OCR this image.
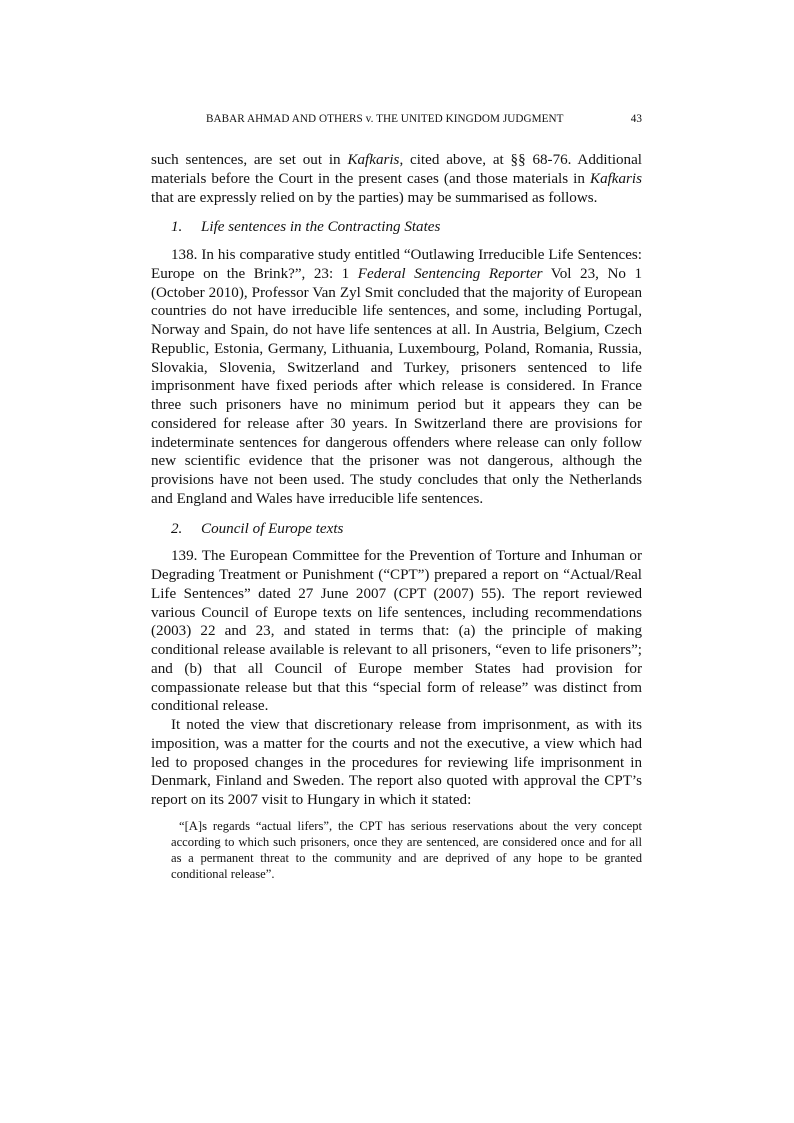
BABAR AHMAD AND OTHERS v. THE UNITED KINGDOM JUDGMENT	43

such sentences, are set out in Kafkaris, cited above, at §§ 68-76. Additional materials before the Court in the present cases (and those materials in Kafkaris that are expressly relied on by the parties) may be summarised as follows.

1. Life sentences in the Contracting States

138. In his comparative study entitled “Outlawing Irreducible Life Sentences: Europe on the Brink?”, 23: 1 Federal Sentencing Reporter Vol 23, No 1 (October 2010), Professor Van Zyl Smit concluded that the majority of European countries do not have irreducible life sentences, and some, including Portugal, Norway and Spain, do not have life sentences at all. In Austria, Belgium, Czech Republic, Estonia, Germany, Lithuania, Luxembourg, Poland, Romania, Russia, Slovakia, Slovenia, Switzerland and Turkey, prisoners sentenced to life imprisonment have fixed periods after which release is considered. In France three such prisoners have no minimum period but it appears they can be considered for release after 30 years. In Switzerland there are provisions for indeterminate sentences for dangerous offenders where release can only follow new scientific evidence that the prisoner was not dangerous, although the provisions have not been used. The study concludes that only the Netherlands and England and Wales have irreducible life sentences.

2. Council of Europe texts

139. The European Committee for the Prevention of Torture and Inhuman or Degrading Treatment or Punishment (“CPT”) prepared a report on “Actual/Real Life Sentences” dated 27 June 2007 (CPT (2007) 55). The report reviewed various Council of Europe texts on life sentences, including recommendations (2003) 22 and 23, and stated in terms that: (a) the principle of making conditional release available is relevant to all prisoners, “even to life prisoners”; and (b) that all Council of Europe member States had provision for compassionate release but that this “special form of release” was distinct from conditional release.

It noted the view that discretionary release from imprisonment, as with its imposition, was a matter for the courts and not the executive, a view which had led to proposed changes in the procedures for reviewing life imprisonment in Denmark, Finland and Sweden. The report also quoted with approval the CPT’s report on its 2007 visit to Hungary in which it stated:

“[A]s regards “actual lifers”, the CPT has serious reservations about the very concept according to which such prisoners, once they are sentenced, are considered once and for all as a permanent threat to the community and are deprived of any hope to be granted conditional release”.
